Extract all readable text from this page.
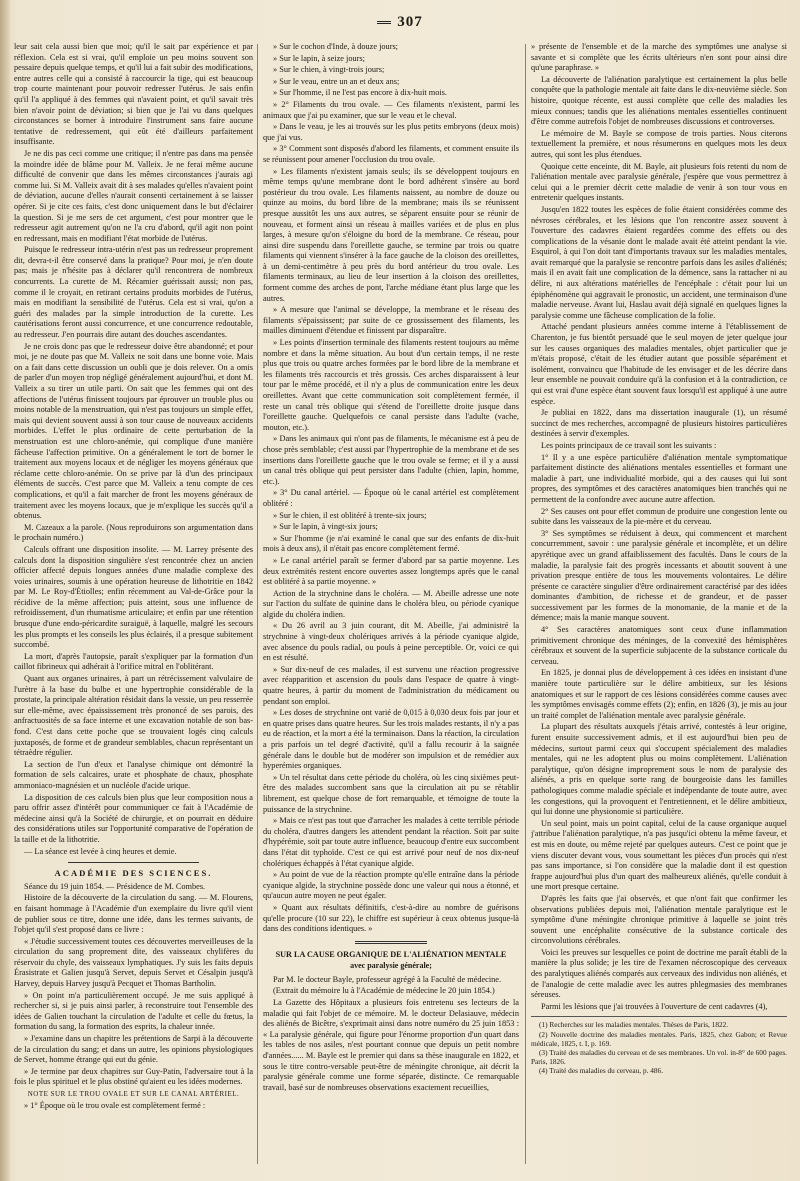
307

leur sait cela aussi bien que moi; qu'il le sait par expérience et par réflexion. Cela est si vrai, qu'il emploie un peu moins souvent son pessaire depuis quelque temps, et qu'il lui a fait subir des modifications, entre autres celle qui a consisté à raccourcir la tige, qui est beaucoup trop courte maintenant pour pouvoir redresser l'utérus. Je sais enfin qu'il l'a appliqué à des femmes qui n'avaient point, et qu'il savait très bien n'avoir point de déviation; si bien que je l'ai vu dans quelques circonstances se borner à introduire l'instrument sans faire aucune tentative de redressement, qui eût été d'ailleurs parfaitement insuffisante.

Je ne dis pas ceci comme une critique; il n'entre pas dans ma pensée la moindre idée de blâme pour M. Valleix. Je ne ferai même aucune difficulté de convenir que dans les mêmes circonstances j'aurais agi comme lui. Si M. Valleix avait dit à ses malades qu'elles n'avaient point de déviation, aucune d'elles n'aurait consenti certainement à se laisser opérer. Si je cite ces faits, c'est donc uniquement dans le but d'éclairer la question. Si je me sers de cet argument, c'est pour montrer que le redresseur agit autrement qu'on ne l'a cru d'abord, qu'il agit non point en redressant, mais en modifiant l'état morbide de l'utérus.

Puisque le redresseur intra-utérin n'est pas un redresseur proprement dit, devra-t-il être conservé dans la pratique? Pour moi, je n'en doute pas; mais je n'hésite pas à déclarer qu'il rencontrera de nombreux concurrents. La curette de M. Récamier guérissait aussi; non pas, comme il le croyait, en retirant certains produits morbides de l'utérus, mais en modifiant la sensibilité de l'utérus. Cela est si vrai, qu'on a guéri des malades par la simple introduction de la curette. Les cautérisations feront aussi concurrence, et une concurrence redoutable, au redresseur. J'en pourrais dire autant des douches ascendantes.

Je ne crois donc pas que le redresseur doive être abandonné; et pour moi, je ne doute pas que M. Valleix ne soit dans une bonne voie. Mais on a fait dans cette discussion un oubli que je dois relever. On a omis de parler d'un moyen trop négligé généralement aujourd'hui, et dont M. Valleix a su tirer un utile parti. On sait que les femmes qui ont des affections de l'utérus finissent toujours par éprouver un trouble plus ou moins notable de la menstruation, qui n'est pas toujours un simple effet, mais qui devient souvent aussi à son tour cause de nouveaux accidents morbides. L'effet le plus ordinaire de cette perturbation de la menstruation est une chloro-anémie, qui complique d'une manière fâcheuse l'affection primitive. On a généralement le tort de borner le traitement aux moyens locaux et de négliger les moyens généraux que réclame cette chloro-anémie. On se prive par là d'un des principaux éléments de succès. C'est parce que M. Valleix a tenu compte de ces complications, et qu'il a fait marcher de front les moyens généraux de traitement avec les moyens locaux, que je m'explique les succès qu'il a obtenus.

M. Cazeaux a la parole. (Nous reproduirons son argumentation dans le prochain numéro.)

Calculs offrant une disposition insolite. — M. Larrey présente des calculs dont la disposition singulière s'est rencontrée chez un ancien officier affecté depuis longues années d'une maladie complexe des voies urinaires, soumis à une opération heureuse de lithotritie en 1842 par M. Le Roy-d'Étiolles; enfin récemment au Val-de-Grâce pour la récidive de la même affection; puis atteint, sous une influence de refroidissement, d'un rhumatisme articulaire; et enfin par une rétention brusque d'une endo-péricardite suraiguë, à laquelle, malgré les secours les plus prompts et les conseils les plus éclairés, il a presque subitement succombé.

La mort, d'après l'autopsie, paraît s'expliquer par la formation d'un caillot fibrineux qui adhérait à l'orifice mitral en l'oblitérant.

Quant aux organes urinaires, à part un rétrécissement valvulaire de l'urètre à la base du bulbe et une hypertrophie considérable de la prostate, la principale altération résidait dans la vessie, un peu resserrée sur elle-même, avec épaississement très prononcé de ses parois, des anfractuosités de sa face interne et une excavation notable de son bas-fond. C'est dans cette poche que se trouvaient logés cinq calculs juxtaposés, de forme et de grandeur semblables, chacun représentant un tétraèdre régulier.

La section de l'un d'eux et l'analyse chimique ont démontré la formation de sels calcaires, urate et phosphate de chaux, phosphate ammoniaco-magnésien et un nucléole d'acide urique.

La disposition de ces calculs bien plus que leur composition nous a paru offrir assez d'intérêt pour communiquer ce fait à l'Académie de médecine ainsi qu'à la Société de chirurgie, et on pourrait en déduire des considérations utiles sur l'opportunité comparative de l'opération de la taille et de la lithotritie.

— La séance est levée à cinq heures et demie.

ACADÉMIE DES SCIENCES.

Séance du 19 juin 1854. — Présidence de M. Combes.

Histoire de la découverte de la circulation du sang. — M. Flourens, en faisant hommage à l'Académie d'un exemplaire du livre qu'il vient de publier sous ce titre, donne une idée, dans les termes suivants, de l'objet qu'il s'est proposé dans ce livre :

« J'étudie successivement toutes ces découvertes merveilleuses de la circulation du sang proprement dite, des vaisseaux chylifères du réservoir du chyle, des vaisseaux lymphatiques. J'y suis les faits depuis Érasistrate et Galien jusqu'à Servet, depuis Servet et Césalpin jusqu'à Harvey, depuis Harvey jusqu'à Pecquet et Thomas Bartholin.

» On point m'a particulièrement occupé. Je me suis appliqué à rechercher si, si je puis ainsi parler, à reconstruire tout l'ensemble des idées de Galien touchant la circulation de l'adulte et celle du fœtus, la formation du sang, la formation des esprits, la chaleur innée.

» J'examine dans un chapitre les prétentions de Sarpi à la découverte de la circulation du sang; et dans un autre, les opinions physiologiques de Servet, homme étrange qui eut du génie.

» Je termine par deux chapitres sur Guy-Patin, l'adversaire tout à la fois le plus spirituel et le plus obstiné qu'aient eu les idées modernes.

NOTE SUR LE TROU OVALE ET SUR LE CANAL ARTÉRIEL.

» 1° Époque où le trou ovale est complètement fermé :

» Sur le cochon d'Inde, à douze jours;

» Sur le lapin, à seize jours;

» Sur le chien, à vingt-trois jours;

» Sur le veau, entre un an et deux ans;

» Sur l'homme, il ne l'est pas encore à dix-huit mois.

» 2° Filaments du trou ovale. — Ces filaments n'existent, parmi les animaux que j'ai pu examiner, que sur le veau et le cheval.

» Dans le veau, je les ai trouvés sur les plus petits embryons (deux mois) que j'ai vus.

» 3° Comment sont disposés d'abord les filaments, et comment ensuite ils se réunissent pour amener l'occlusion du trou ovale.

» Les filaments n'existent jamais seuls; ils se développent toujours en même temps qu'une membrane dont le bord adhérent s'insère au bord postérieur du trou ovale. Les filaments naissent, au nombre de douze ou quinze au moins, du bord libre de la membrane; mais ils se réunissent presque aussitôt les uns aux autres, se séparent ensuite pour se réunir de nouveau, et forment ainsi un réseau à mailles variées et de plus en plus larges, à mesure qu'on s'éloigne du bord de la membrane. Ce réseau, pour ainsi dire suspendu dans l'oreillette gauche, se termine par trois ou quatre filaments qui viennent s'insérer à la face gauche de la cloison des oreillettes, à un demi-centimètre à peu près du bord antérieur du trou ovale. Les filaments terminaux, au lieu de leur insertion à la cloison des oreillettes, forment comme des arches de pont, l'arche médiane étant plus large que les autres.

» A mesure que l'animal se développe, la membrane et le réseau des filaments s'épaississent; par suite de ce grossissement des filaments, les mailles diminuent d'étendue et finissent par disparaître.

» Les points d'insertion terminale des filaments restent toujours au même nombre et dans la même situation. Au bout d'un certain temps, il ne reste plus que trois ou quatre arches formées par le bord libre de la membrane et les filaments très raccourcis et très grossis. Ces arches disparaissent à leur tour par le même procédé, et il n'y a plus de communication entre les deux oreillettes. Avant que cette communication soit complètement fermée, il reste un canal très oblique qui s'étend de l'oreillette droite jusque dans l'oreillette gauche. Quelquefois ce canal persiste dans l'adulte (vache, mouton, etc.).

» Dans les animaux qui n'ont pas de filaments, le mécanisme est à peu de chose près semblable; c'est aussi par l'hypertrophie de la membrane et de ses insertions dans l'oreillette gauche que le trou ovale se ferme; et il y a aussi un canal très oblique qui peut persister dans l'adulte (chien, lapin, homme, etc.).

» 3° Du canal artériel. — Époque où le canal artériel est complètement oblitéré :

» Sur le chien, il est oblitéré à trente-six jours;

» Sur le lapin, à vingt-six jours;

» Sur l'homme (je n'ai examiné le canal que sur des enfants de dix-huit mois à deux ans), il n'était pas encore complètement fermé.

» Le canal artériel paraît se fermer d'abord par sa partie moyenne. Les deux extrémités restent encore ouvertes assez longtemps après que le canal est oblitéré à sa partie moyenne. »

Action de la strychnine dans le choléra. — M. Abeille adresse une note sur l'action du sulfate de quinine dans le choléra bleu, ou période cyanique algide du choléra indien.

« Du 26 avril au 3 juin courant, dit M. Abeille, j'ai administré la strychnine à vingt-deux cholériques arrivés à la période cyanique algide, avec absence du pouls radial, ou pouls à peine perceptible. Or, voici ce qui en est résulté.

» Sur dix-neuf de ces malades, il est survenu une réaction progressive avec réapparition et ascension du pouls dans l'espace de quatre à vingt-quatre heures, à partir du moment de l'administration du médicament ou pendant son emploi.

» Les doses de strychnine ont varié de 0,015 à 0,030 deux fois par jour et en quatre prises dans quatre heures. Sur les trois malades restants, il n'y a pas eu de réaction, et la mort a été la terminaison. Dans la réaction, la circulation a pris parfois un tel degré d'activité, qu'il a fallu recourir à la saignée générale dans le double but de modérer son impulsion et de remédier aux hyperémies organiques.

» Un tel résultat dans cette période du choléra, où les cinq sixièmes peut-être des malades succombent sans que la circulation ait pu se rétablir librement, est quelque chose de fort remarquable, et témoigne de toute la puissance de la strychnine.

» Mais ce n'est pas tout que d'arracher les malades à cette terrible période du choléra, d'autres dangers les attendent pendant la réaction. Soit par suite d'hypérémie, soit par toute autre influence, beaucoup d'entre eux succombent dans l'état dit typhoïde. C'est ce qui est arrivé pour neuf de nos dix-neuf cholériques échappés à l'état cyanique algide.

» Au point de vue de la réaction prompte qu'elle entraîne dans la période cyanique algide, la strychnine possède donc une valeur qui nous a étonné, et qu'aucun autre moyen ne peut égaler.

» Quant aux résultats définitifs, c'est-à-dire au nombre de guérisons qu'elle procure (10 sur 22), le chiffre est supérieur à ceux obtenus jusque-là dans des conditions identiques. »

SUR LA CAUSE ORGANIQUE DE L'ALIÉNATION MENTALE
avec paralysie générale;

Par M. le docteur Bayle, professeur agrégé à la Faculté de médecine.

(Extrait du mémoire lu à l'Académie de médecine le 20 juin 1854.)

La Gazette des Hôpitaux a plusieurs fois entretenu ses lecteurs de la maladie qui fait l'objet de ce mémoire. M. le docteur Delasiauve, médecin des aliénés de Bicêtre, s'exprimait ainsi dans notre numéro du 25 juin 1853 : « La paralysie générale, qui figure pour l'énorme proportion d'un quart dans les tables de nos asiles, n'est pourtant connue que depuis un petit nombre d'années...... M. Bayle est le premier qui dans sa thèse inaugurale en 1822, et sous le titre contro-versable peut-être de méningite chronique, ait décrit la paralysie générale comme une forme séparée, distincte. Ce remarquable travail, basé sur de nombreuses observations exactement recueillies,

» présente de l'ensemble et de la marche des symptômes une analyse si savante et si complète que les écrits ultérieurs n'en sont pour ainsi dire qu'une paraphrase. »

La découverte de l'aliénation paralytique est certainement la plus belle conquête que la pathologie mentale ait faite dans le dix-neuvième siècle. Son histoire, quoique récente, est aussi complète que celle des maladies les mieux connues; tandis que les aliénations mentales essentielles continuent d'être comme autrefois l'objet de nombreuses discussions et controverses.

Le mémoire de M. Bayle se compose de trois parties. Nous citerons textuellement la première, et nous résumerons en quelques mots les deux autres, qui sont les plus étendues.

Quoique cette enceinte, dit M. Bayle, ait plusieurs fois retenti du nom de l'aliénation mentale avec paralysie générale, j'espère que vous permettrez à celui qui a le premier décrit cette maladie de venir à son tour vous en entretenir quelques instants.

Jusqu'en 1822 toutes les espèces de folie étaient considérées comme des névroses cérébrales, et les lésions que l'on rencontre assez souvent à l'ouverture des cadavres étaient regardées comme des effets ou des complications de la vésanie dont le malade avait été atteint pendant la vie. Esquirol, à qui l'on doit tant d'importants travaux sur les maladies mentales, avait remarqué que la paralysie se rencontre parfois dans les asiles d'aliénés; mais il en avait fait une complication de la démence, sans la rattacher ni au délire, ni aux altérations matérielles de l'encéphale : c'était pour lui un épiphénomène qui aggravait le pronostic, un accident, une terminaison d'une maladie nerveuse. Avant lui, Haslau avait déjà signalé en quelques lignes la paralysie comme une fâcheuse complication de la folie.

Attaché pendant plusieurs années comme interne à l'établissement de Charenton, je fus bientôt persuadé que le seul moyen de jeter quelque jour sur les causes organiques des maladies mentales, objet particulier que je m'étais proposé, c'était de les étudier autant que possible séparément et isolément, convaincu que l'habitude de les envisager et de les décrire dans leur ensemble ne pouvait conduire qu'à la confusion et à la contradiction, ce qui est vrai d'une espèce étant souvent faux lorsqu'il est appliqué à une autre espèce.

Je publiai en 1822, dans ma dissertation inaugurale (1), un résumé succinct de mes recherches, accompagné de plusieurs histoires particulières destinées à servir d'exemples.

Les points principaux de ce travail sont les suivants :

1° Il y a une espèce particulière d'aliénation mentale symptomatique parfaitement distincte des aliénations mentales essentielles et formant une maladie à part, une individualité morbide, qui a des causes qui lui sont propres, des symptômes et des caractères anatomiques bien tranchés qui ne permettent de la confondre avec aucune autre affection.

2° Ses causes ont pour effet commun de produire une congestion lente ou subite dans les vaisseaux de la pie-mère et du cerveau.

3° Ses symptômes se réduisent à deux, qui commencent et marchent concurremment, savoir : une paralysie générale et incomplète, et un délire apyrétique avec un grand affaiblissement des facultés. Dans le cours de la maladie, la paralysie fait des progrès incessants et aboutit souvent à une privation presque entière de tous les mouvements volontaires. Le délire présente ce caractère singulier d'être ordinairement caractérisé par des idées dominantes d'ambition, de richesse et de grandeur, et de passer successivement par les formes de la monomanie, de la manie et de la démence; mais la manie manque souvent.

4° Ses caractères anatomiques sont ceux d'une inflammation primitivement chronique des méninges, de la convexité des hémisphères cérébraux et souvent de la superficie subjacente de la substance corticale du cerveau.

En 1825, je donnai plus de développement à ces idées en insistant d'une manière toute particulière sur le délire ambitieux, sur les lésions anatomiques et sur le rapport de ces lésions considérées comme causes avec les symptômes envisagés comme effets (2); enfin, en 1826 (3), je mis au jour un traité complet de l'aliénation mentale avec paralysie générale.

La plupart des résultats auxquels j'étais arrivé, contestés à leur origine, furent ensuite successivement admis, et il est aujourd'hui bien peu de médecins, surtout parmi ceux qui s'occupent spécialement des maladies mentales, qui ne les adoptent plus ou moins complètement. L'aliénation paralytique, qu'on désigne improprement sous le nom de paralysie des aliénés, a pris en quelque sorte rang de bourgeoisie dans les familles pathologiques comme maladie spéciale et indépendante de toute autre, avec les congestions, qui la provoquent et l'entretiennent, et le délire ambitieux, qui lui donne une physionomie si particulière.

Un seul point, mais un point capital, celui de la cause organique auquel j'attribue l'aliénation paralytique, n'a pas jusqu'ici obtenu la même faveur, et est mis en doute, ou même rejeté par quelques auteurs. C'est ce point que je viens discuter devant vous, vous soumettant les pièces d'un procès qui n'est pas sans importance, si l'on considère que la maladie dont il est question frappe aujourd'hui plus d'un quart des malheureux aliénés, qu'elle conduit à une mort presque certaine.

D'après les faits que j'ai observés, et que n'ont fait que confirmer les observations publiées depuis moi, l'aliénation mentale paralytique est le symptôme d'une méningite chronique primitive à laquelle se joint très souvent une encéphalite consécutive de la substance corticale des circonvolutions cérébrales.

Voici les preuves sur lesquelles ce point de doctrine me paraît établi de la manière la plus solide; je les tire de l'examen nécroscopique des cerveaux des paralytiques aliénés comparés aux cerveaux des individus non aliénés, et de l'analogie de cette maladie avec les autres phlegmasies des membranes séreuses.

Parmi les lésions que j'ai trouvées à l'ouverture de cent cadavres (4),

(1) Recherches sur les maladies mentales. Thèses de Paris, 1822.
(2) Nouvelle doctrine des maladies mentales. Paris, 1825, chez Gabon; et Revue médicale, 1825, t. I, p. 169.
(3) Traité des maladies du cerveau et de ses membranes. Un vol. in-8° de 600 pages. Paris, 1826.
(4) Traité des maladies du cerveau, p. 486.
